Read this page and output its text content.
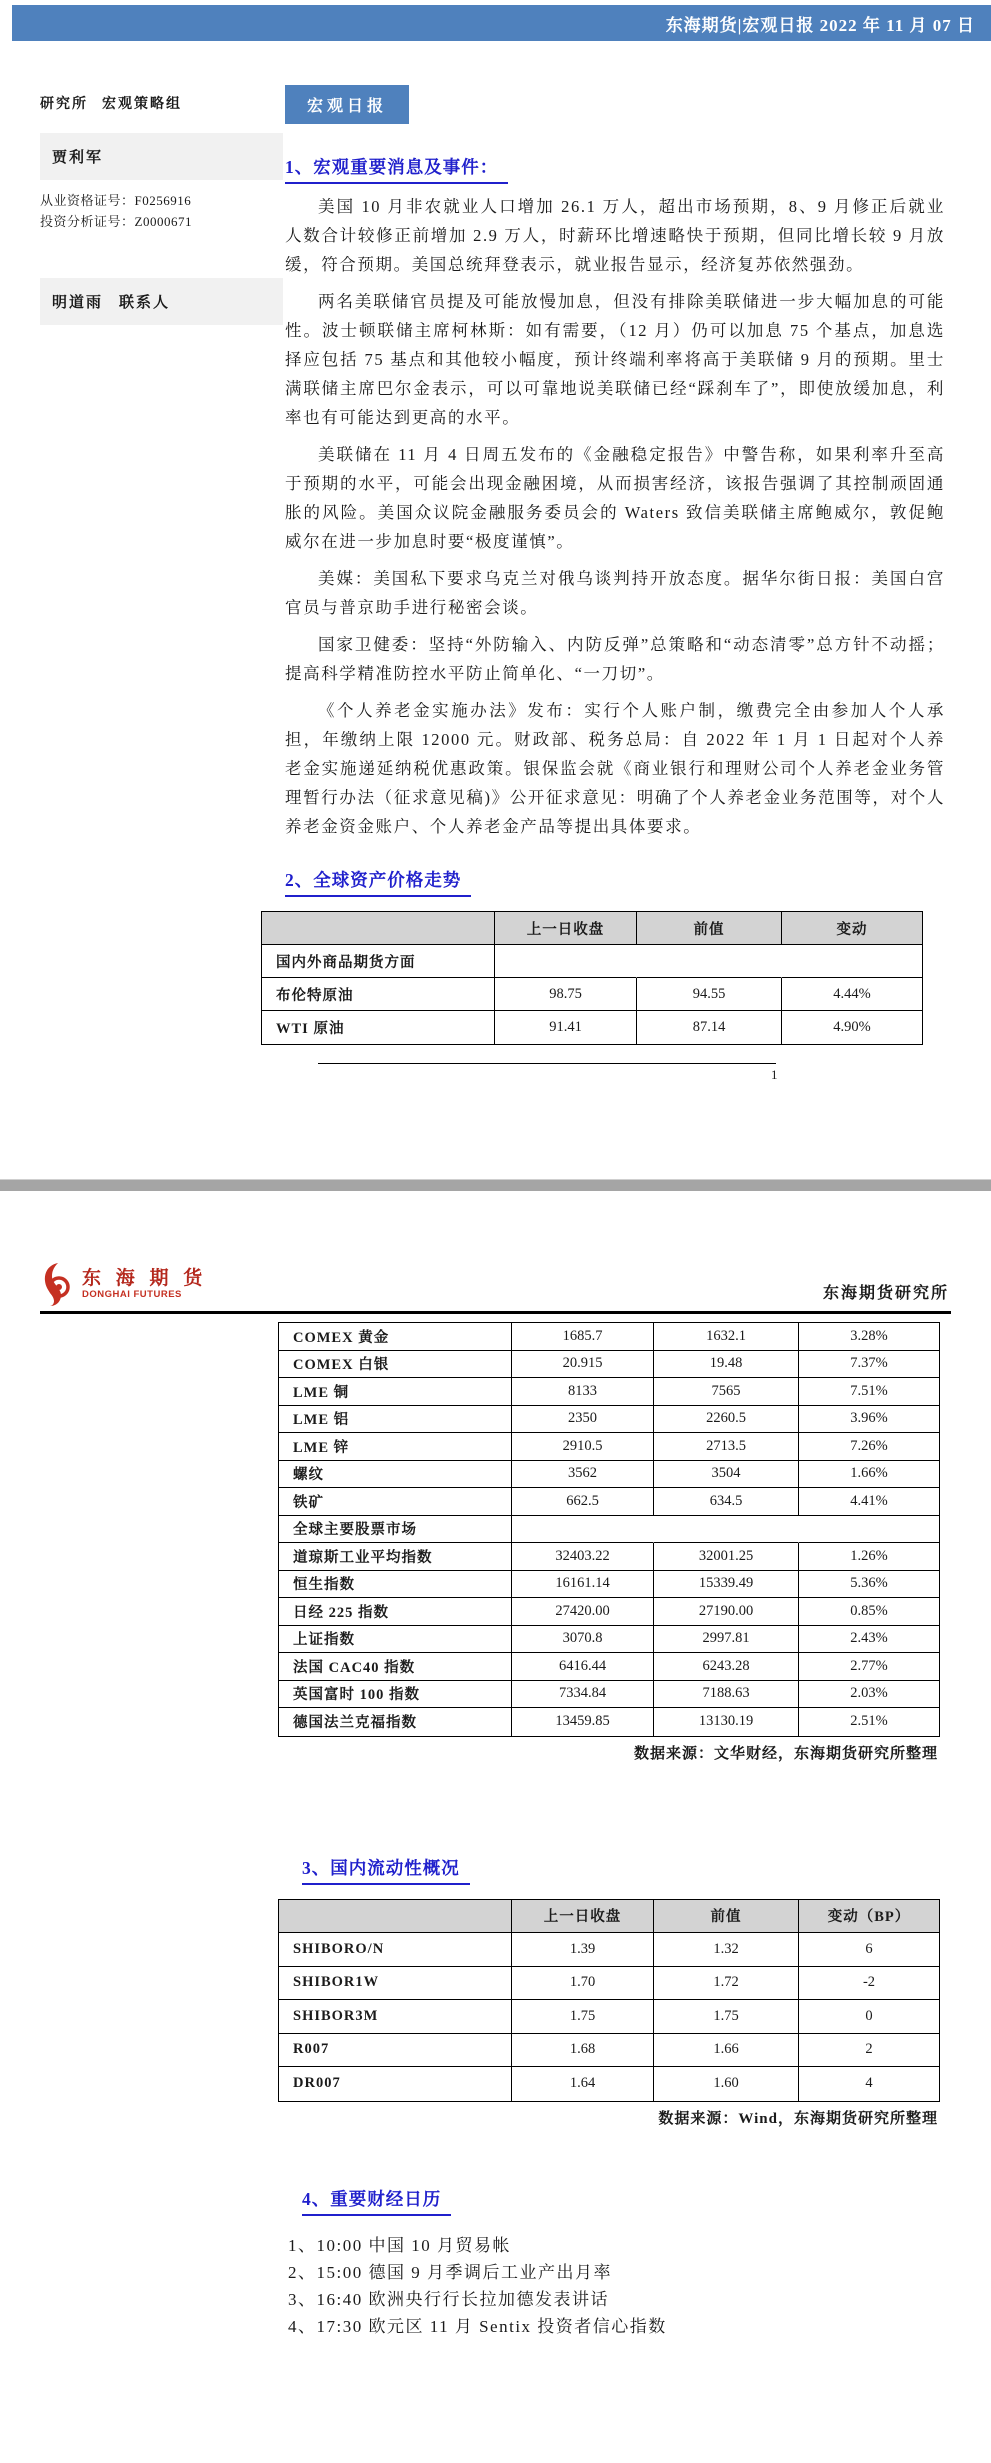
东海期货|宏观日报 2022 年 11 月 07 日
研究所 宏观策略组
贾利军
从业资格证号：F0256916
投资分析证号：Z0000671
明道雨 联系人
宏观日报
1、宏观重要消息及事件：

美国 10 月非农就业人口增加 26.1 万人，超出市场预期，8、9 月修正后就业人数合计较修正前增加 2.9 万人，时薪环比增速略快于预期，但同比增长较 9 月放缓，符合预期。美国总统拜登表示，就业报告显示，经济复苏依然强劲。

两名美联储官员提及可能放慢加息，但没有排除美联储进一步大幅加息的可能性。波士顿联储主席柯林斯：如有需要，（12 月）仍可以加息 75 个基点，加息选择应包括 75 基点和其他较小幅度，预计终端利率将高于美联储 9 月的预期。里士满联储主席巴尔金表示，可以可靠地说美联储已经“踩刹车了”，即使放缓加息，利率也有可能达到更高的水平。

美联储在 11 月 4 日周五发布的《金融稳定报告》中警告称，如果利率升至高于预期的水平，可能会出现金融困境，从而损害经济，该报告强调了其控制顽固通胀的风险。美国众议院金融服务委员会的 Waters 致信美联储主席鲍威尔，敦促鲍威尔在进一步加息时要“极度谨慎”。

美媒：美国私下要求乌克兰对俄乌谈判持开放态度。据华尔街日报：美国白宫官员与普京助手进行秘密会谈。

国家卫健委：坚持“外防输入、内防反弹”总策略和“动态清零”总方针不动摇；提高科学精准防控水平防止简单化、“一刀切”。

《个人养老金实施办法》发布：实行个人账户制，缴费完全由参加人个人承担，年缴纳上限 12000 元。财政部、税务总局：自 2022 年 1 月 1 日起对个人养老金实施递延纳税优惠政策。银保监会就《商业银行和理财公司个人养老金业务管理暂行办法（征求意见稿)》公开征求意见：明确了个人养老金业务范围等，对个人养老金资金账户、个人养老金产品等提出具体要求。

2、全球资产价格走势
	上一日收盘	前值	变动
国内外商品期货方面			
布伦特原油	98.75	94.55	4.44%
WTI 原油	91.41	87.14	4.90%
1
东 海 期 货
DONGHAI FUTURES	东海期货研究所
COMEX 黄金	1685.7	1632.1	3.28%
COMEX 白银	20.915	19.48	7.37%
LME 铜	8133	7565	7.51%
LME 铝	2350	2260.5	3.96%
LME 锌	2910.5	2713.5	7.26%
螺纹	3562	3504	1.66%
铁矿	662.5	634.5	4.41%
全球主要股票市场			
道琼斯工业平均指数	32403.22	32001.25	1.26%
恒生指数	16161.14	15339.49	5.36%
日经 225 指数	27420.00	27190.00	0.85%
上证指数	3070.8	2997.81	2.43%
法国 CAC40 指数	6416.44	6243.28	2.77%
英国富时 100 指数	7334.84	7188.63	2.03%
德国法兰克福指数	13459.85	13130.19	2.51%
数据来源：文华财经，东海期货研究所整理
3、国内流动性概况
	上一日收盘	前值	变动（BP）
SHIBORO/N	1.39	1.32	6
SHIBOR1W	1.70	1.72	-2
SHIBOR3M	1.75	1.75	0
R007	1.68	1.66	2
DR007	1.64	1.60	4
数据来源：Wind，东海期货研究所整理
4、重要财经日历
1、10:00 中国 10 月贸易帐
2、15:00 德国 9 月季调后工业产出月率
3、16:40 欧洲央行行长拉加德发表讲话
4、17:30 欧元区 11 月 Sentix 投资者信心指数
